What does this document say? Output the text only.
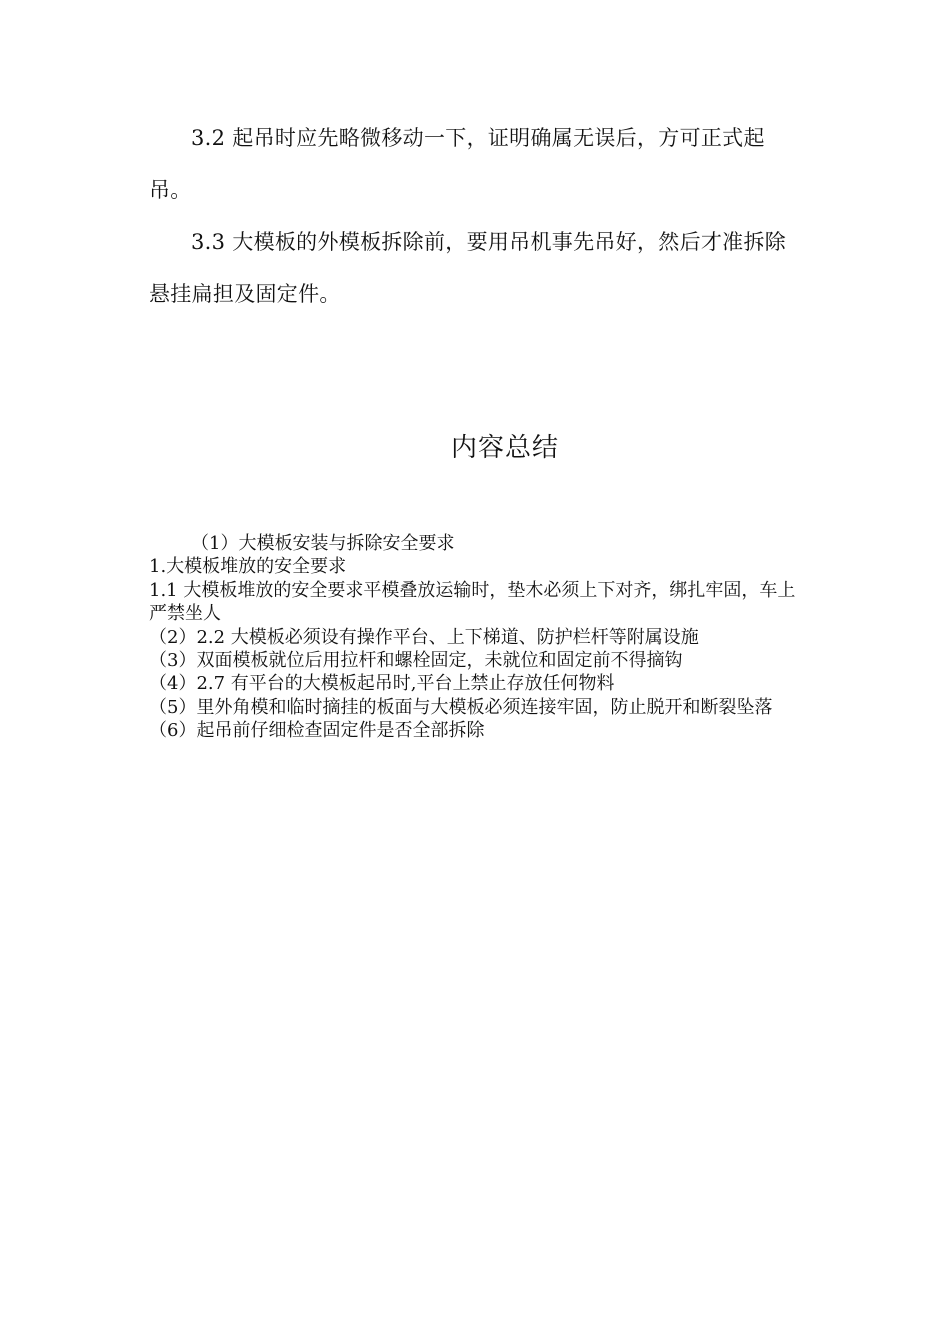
3.2 起吊时应先略微移动一下，证明确属无误后，方可正式起吊。

3.3 大模板的外模板拆除前，要用吊机事先吊好，然后才准拆除悬挂扁担及固定件。

内容总结

（1）大模板安装与拆除安全要求

1.大模板堆放的安全要求

1.1 大模板堆放的安全要求平模叠放运输时，垫木必须上下对齐，绑扎牢固，车上严禁坐人

（2）2.2 大模板必须设有操作平台、上下梯道、防护栏杆等附属设施

（3）双面模板就位后用拉杆和螺栓固定，未就位和固定前不得摘钩

（4）2.7 有平台的大模板起吊时,平台上禁止存放任何物料

（5）里外角模和临时摘挂的板面与大模板必须连接牢固，防止脱开和断裂坠落

（6）起吊前仔细检查固定件是否全部拆除
